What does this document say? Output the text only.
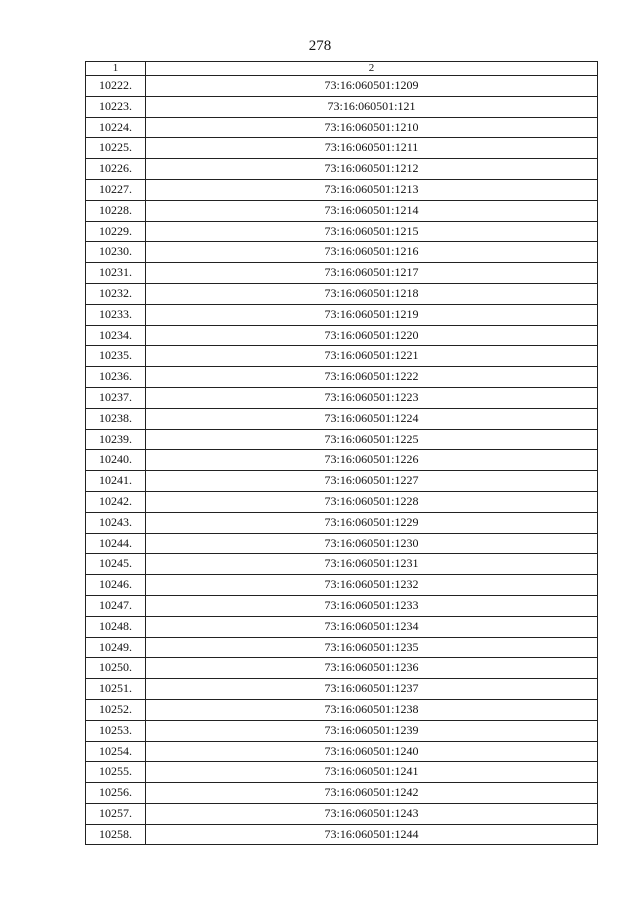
278
1	2
10222.	73:16:060501:1209
10223.	73:16:060501:121
10224.	73:16:060501:1210
10225.	73:16:060501:1211
10226.	73:16:060501:1212
10227.	73:16:060501:1213
10228.	73:16:060501:1214
10229.	73:16:060501:1215
10230.	73:16:060501:1216
10231.	73:16:060501:1217
10232.	73:16:060501:1218
10233.	73:16:060501:1219
10234.	73:16:060501:1220
10235.	73:16:060501:1221
10236.	73:16:060501:1222
10237.	73:16:060501:1223
10238.	73:16:060501:1224
10239.	73:16:060501:1225
10240.	73:16:060501:1226
10241.	73:16:060501:1227
10242.	73:16:060501:1228
10243.	73:16:060501:1229
10244.	73:16:060501:1230
10245.	73:16:060501:1231
10246.	73:16:060501:1232
10247.	73:16:060501:1233
10248.	73:16:060501:1234
10249.	73:16:060501:1235
10250.	73:16:060501:1236
10251.	73:16:060501:1237
10252.	73:16:060501:1238
10253.	73:16:060501:1239
10254.	73:16:060501:1240
10255.	73:16:060501:1241
10256.	73:16:060501:1242
10257.	73:16:060501:1243
10258.	73:16:060501:1244
